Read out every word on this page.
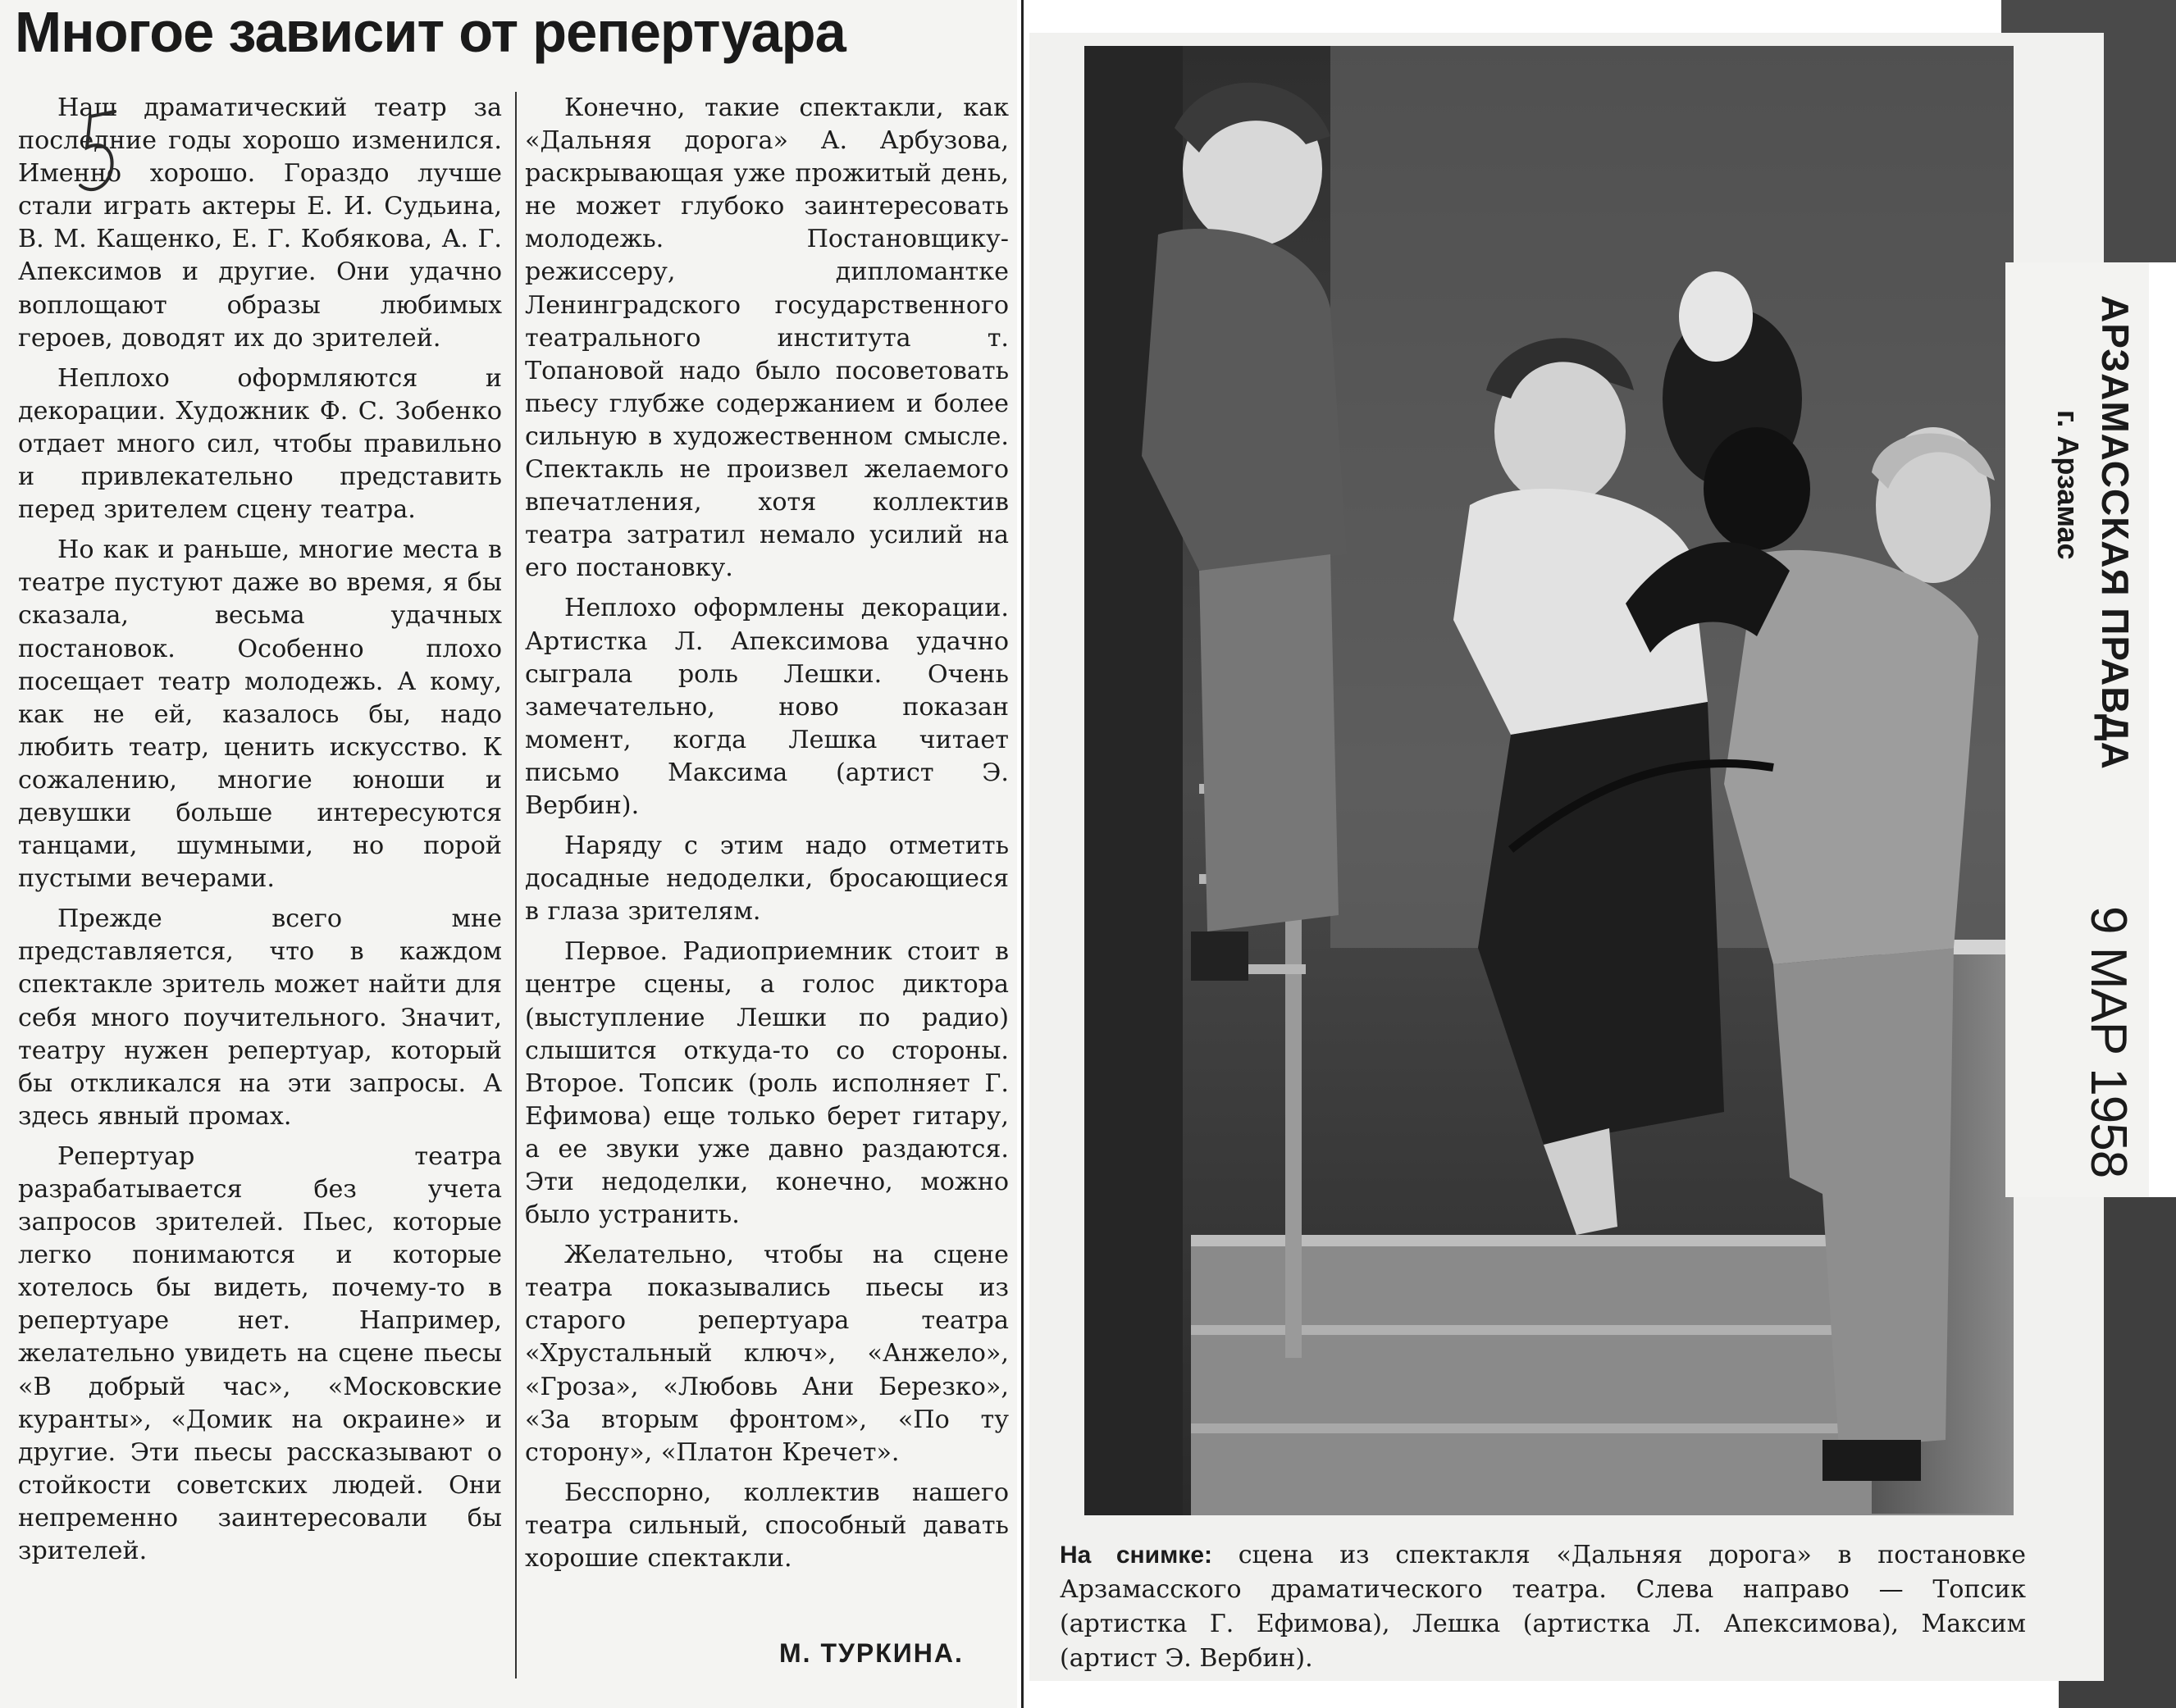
Многое зависит от репертуара

Наш драматический театр за последние годы хорошо изменился. Именно хорошо. Гораздо лучше стали играть актеры Е. И. Судьина, В. М. Кащенко, Е. Г. Кобякова, А. Г. Апексимов и другие. Они удачно воплощают образы любимых героев, доводят их до зрителей.

Неплохо оформляются и декорации. Художник Ф. С. Зобенко отдает много сил, чтобы правильно и привлекательно представить перед зрителем сцену театра.

Но как и раньше, многие места в театре пустуют даже во время, я бы сказала, весьма удачных постановок. Особенно плохо посещает театр молодежь. А кому, как не ей, казалось бы, надо любить театр, ценить искусство. К сожалению, многие юноши и девушки больше интересуются танцами, шумными, но порой пустыми вечерами.

Прежде всего мне представляется, что в каждом спектакле зритель может найти для себя много поучительного. Значит, театру нужен репертуар, который бы откликался на эти запросы. А здесь явный промах.

Репертуар театра разрабатывается без учета запросов зрителей. Пьес, которые легко понимаются и которые хотелось бы видеть, почему-то в репертуаре нет. Например, желательно увидеть на сцене пьесы «В добрый час», «Московские куранты», «Домик на окраине» и другие. Эти пьесы рассказывают о стойкости советских людей. Они непременно заинтересовали бы зрителей.

Конечно, такие спектакли, как «Дальняя дорога» А. Арбузова, раскрывающая уже прожитый день, не может глубоко заинтересовать молодежь. Постановщику-режиссеру, дипломантке Ленинградского государственного театрального института т. Топановой надо было посоветовать пьесу глубже содержанием и более сильную в художественном смысле. Спектакль не произвел желаемого впечатления, хотя коллектив театра затратил немало усилий на его постановку.

Неплохо оформлены декорации. Артистка Л. Апексимова удачно сыграла роль Лешки. Очень замечательно, ново показан момент, когда Лешка читает письмо Максима (артист Э. Вербин).

Наряду с этим надо отметить досадные недоделки, бросающиеся в глаза зрителям.

Первое. Радиоприемник стоит в центре сцены, а голос диктора (выступление Лешки по радио) слышится откуда-то со стороны. Второе. Топсик (роль исполняет Г. Ефимова) еще только берет гитару, а ее звуки уже давно раздаются. Эти недоделки, конечно, можно было устранить.

Желательно, чтобы на сцене театра показывались пьесы из старого репертуара театра «Хрустальный ключ», «Анжело», «Гроза», «Любовь Ани Березко», «За вторым фронтом», «По ту сторону», «Платон Кречет».

Бесспорно, коллектив нашего театра сильный, способный давать хорошие спектакли.

М. ТУРКИНА.
На снимке: сцена из спектакля «Дальняя дорога» в постановке Арзамасского драматического театра. Слева направо — Топсик (артистка Г. Ефимова), Лешка (артистка Л. Апексимова), Максим (артист Э. Вербин).
АРЗАМАССКАЯ ПРАВДА
г. Арзамас
9 МАР 1958
